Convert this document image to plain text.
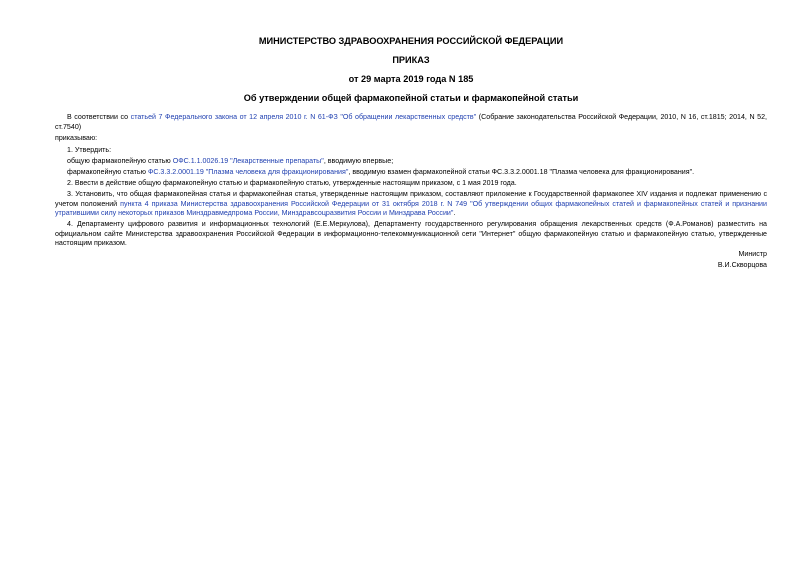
МИНИСТЕРСТВО ЗДРАВООХРАНЕНИЯ РОССИЙСКОЙ ФЕДЕРАЦИИ

ПРИКАЗ

от 29 марта 2019 года N 185

Об утверждении общей фармакопейной статьи и фармакопейной статьи

В соответствии со статьей 7 Федерального закона от 12 апреля 2010 г. N 61-ФЗ "Об обращении лекарственных средств" (Собрание законодательства Российской Федерации, 2010, N 16, ст.1815; 2014, N 52, ст.7540)

приказываю:

1. Утвердить:

общую фармакопейную статью ОФС.1.1.0026.19 "Лекарственные препараты", вводимую впервые;

фармакопейную статью ФС.3.3.2.0001.19 "Плазма человека для фракционирования", вводимую взамен фармакопейной статьи ФС.3.3.2.0001.18 "Плазма человека для фракционирования".

2. Ввести в действие общую фармакопейную статью и фармакопейную статью, утвержденные настоящим приказом, с 1 мая 2019 года.

3. Установить, что общая фармакопейная статья и фармакопейная статья, утвержденные настоящим приказом, составляют приложение к Государственной фармакопее XIV издания и подлежат применению с учетом положений пункта 4 приказа Министерства здравоохранения Российской Федерации от 31 октября 2018 г. N 749 "Об утверждении общих фармакопейных статей и фармакопейных статей и признании утратившими силу некоторых приказов Минздравмедпрома России, Минздравсоцразвития России и Минздрава России".

4. Департаменту цифрового развития и информационных технологий (Е.Е.Меркулова), Департаменту государственного регулирования обращения лекарственных средств (Ф.А.Романов) разместить на официальном сайте Министерства здравоохранения Российской Федерации в информационно-телекоммуникационной сети "Интернет" общую фармакопейную статью и фармакопейную статью, утвержденные настоящим приказом.

Министр

В.И.Скворцова
